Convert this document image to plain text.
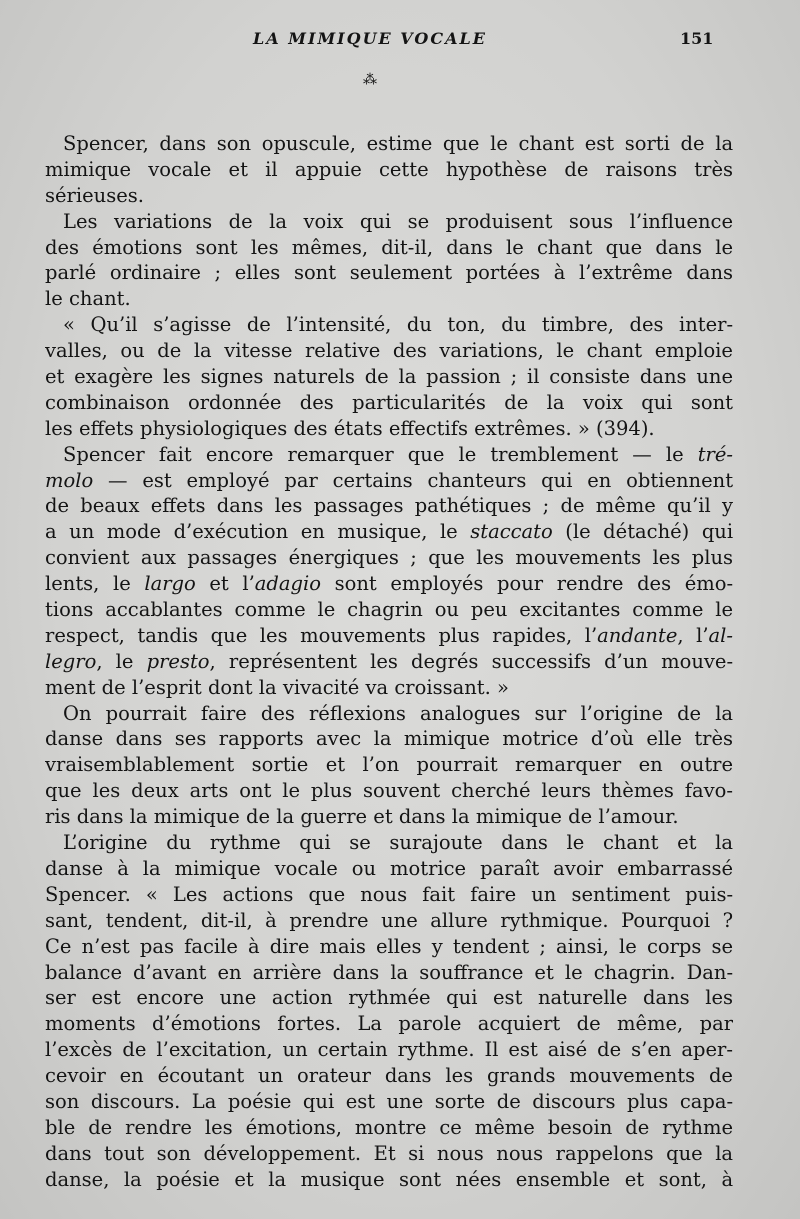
LA MIMIQUE VOCALE	151
⁂
Spencer, dans son opuscule, estime que le chant est sorti de la
mimique vocale et il appuie cette hypothèse de raisons très
sérieuses.
Les variations de la voix qui se produisent sous l’influence
des émotions sont les mêmes, dit-il, dans le chant que dans le
parlé ordinaire ; elles sont seulement portées à l’extrême dans
le chant.
« Qu’il s’agisse de l’intensité, du ton, du timbre, des inter-
valles, ou de la vitesse relative des variations, le chant emploie
et exagère les signes naturels de la passion ; il consiste dans une
combinaison ordonnée des particularités de la voix qui sont
les effets physiologiques des états effectifs extrêmes. » (394).
Spencer fait encore remarquer que le tremblement — le tré-
molo — est employé par certains chanteurs qui en obtiennent
de beaux effets dans les passages pathétiques ; de même qu’il y
a un mode d’exécution en musique, le staccato (le détaché) qui
convient aux passages énergiques ; que les mouvements les plus
lents, le largo et l’adagio sont employés pour rendre des émo-
tions accablantes comme le chagrin ou peu excitantes comme le
respect, tandis que les mouvements plus rapides, l’andante, l’al-
legro, le presto, représentent les degrés successifs d’un mouve-
ment de l’esprit dont la vivacité va croissant. »
On pourrait faire des réflexions analogues sur l’origine de la
danse dans ses rapports avec la mimique motrice d’où elle très
vraisemblablement sortie et l’on pourrait remarquer en outre
que les deux arts ont le plus souvent cherché leurs thèmes favo-
ris dans la mimique de la guerre et dans la mimique de l’amour.
L’origine du rythme qui se surajoute dans le chant et la
danse à la mimique vocale ou motrice paraît avoir embarrassé
Spencer. « Les actions que nous fait faire un sentiment puis-
sant, tendent, dit-il, à prendre une allure rythmique. Pourquoi ?
Ce n’est pas facile à dire mais elles y tendent ; ainsi, le corps se
balance d’avant en arrière dans la souffrance et le chagrin. Dan-
ser est encore une action rythmée qui est naturelle dans les
moments d’émotions fortes. La parole acquiert de même, par
l’excès de l’excitation, un certain rythme. Il est aisé de s’en aper-
cevoir en écoutant un orateur dans les grands mouvements de
son discours. La poésie qui est une sorte de discours plus capa-
ble de rendre les émotions, montre ce même besoin de rythme
dans tout son développement. Et si nous nous rappelons que la
danse, la poésie et la musique sont nées ensemble et sont, à
